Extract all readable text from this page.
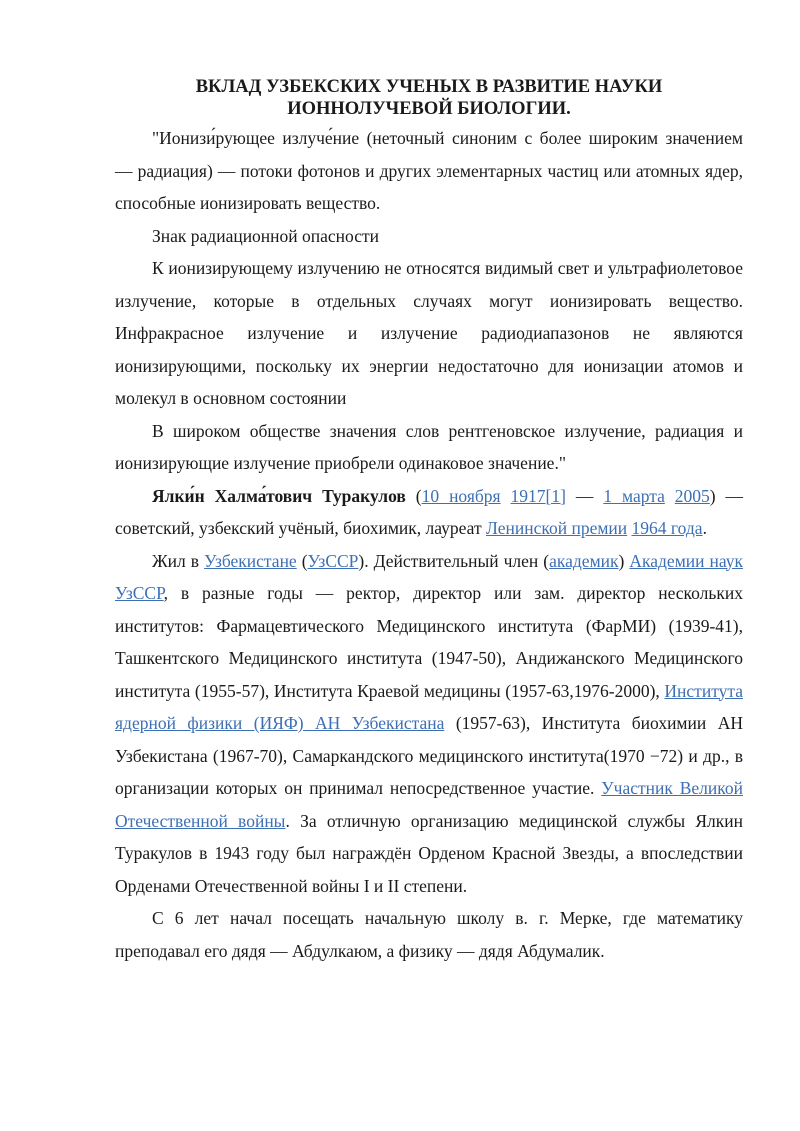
ВКЛАД УЗБЕКСКИХ УЧЕНЫХ В РАЗВИТИЕ НАУКИ
ИОННОЛУЧЕВОЙ БИОЛОГИИ.

"Ионизи́рующее излуче́ние (неточный синоним с более широким значением — радиация) — потоки фотонов и других элементарных частиц или атомных ядер, способные ионизировать вещество.

Знак радиационной опасности

К ионизирующему излучению не относятся видимый свет и ультрафиолетовое излучение, которые в отдельных случаях могут ионизировать вещество. Инфракрасное излучение и излучение радиодиапазонов не являются ионизирующими, поскольку их энергии недостаточно для ионизации атомов и молекул в основном состоянии

В широком обществе значения слов рентгеновское излучение, радиация и ионизирующие излучение приобрели одинаковое значение."

Ялки́н Халма́тович Туракулов (10 ноября 1917[1] — 1 марта 2005) — советский, узбекский учёный, биохимик, лауреат Ленинской премии 1964 года.

Жил в Узбекистане (УзССР). Действительный член (академик) Академии наук УзССР, в разные годы — ректор, директор или зам. директор нескольких институтов: Фармацевтического Медицинского института (ФарМИ) (1939-41), Ташкентского Медицинского института (1947-50), Андижанского Медицинского института (1955-57), Института Краевой медицины (1957-63,1976-2000), Института ядерной физики (ИЯФ) АН Узбекистана (1957-63), Института биохимии АН Узбекистана (1967-70), Самаркандского медицинского института(1970 −72) и др., в организации которых он принимал непосредственное участие. Участник Великой Отечественной войны. За отличную организацию медицинской службы Ялкин Туракулов в 1943 году был награждён Орденом Красной Звезды, а впоследствии Орденами Отечественной войны I и II степени.

С 6 лет начал посещать начальную школу в. г. Мерке, где математику преподавал его дядя — Абдулкаюм, а физику — дядя Абдумалик.
